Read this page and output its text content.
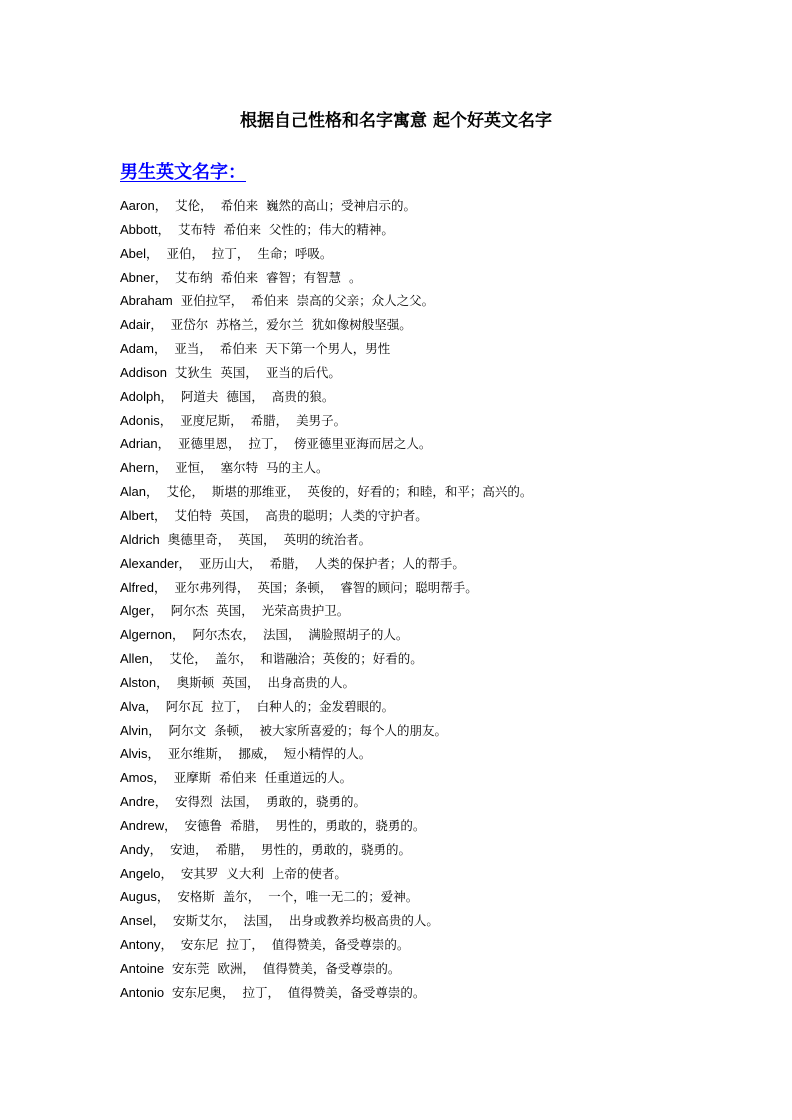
根据自己性格和名字寓意 起个好英文名字
男生英文名字：
Aaron，  艾伦，  希伯来  巍然的高山；受神启示的。
Abbott，  艾布特  希伯来  父性的；伟大的精神。
Abel，  亚伯，  拉丁，  生命；呼吸。
Abner，  艾布纳  希伯来  睿智；有智慧  。
Abraham  亚伯拉罕，  希伯来  崇高的父亲；众人之父。
Adair，  亚岱尔  苏格兰，爱尔兰  犹如像树般坚强。
Adam，  亚当，  希伯来  天下第一个男人，男性
Addison  艾狄生  英国，  亚当的后代。
Adolph，  阿道夫  德国，  高贵的狼。
Adonis，  亚度尼斯，  希腊，  美男子。
Adrian，  亚德里恩，  拉丁，  傍亚德里亚海而居之人。
Ahern，  亚恒，  塞尔特  马的主人。
Alan，  艾伦，  斯堪的那维亚，  英俊的，好看的；和睦，和平；高兴的。
Albert，  艾伯特  英国，  高贵的聪明；人类的守护者。
Aldrich  奥德里奇，  英国，  英明的统治者。
Alexander，  亚历山大，  希腊，  人类的保护者；人的帮手。
Alfred，  亚尔弗列得，  英国；条顿，  睿智的顾问；聪明帮手。
Alger，  阿尔杰  英国，  光荣高贵护卫。
Algernon，  阿尔杰农，  法国，  满脸照胡子的人。
Allen，  艾伦，  盖尔，  和谐融洽；英俊的；好看的。
Alston，  奥斯顿  英国，  出身高贵的人。
Alva，  阿尔瓦  拉丁，  白种人的；金发碧眼的。
Alvin，  阿尔文  条顿，  被大家所喜爱的；每个人的朋友。
Alvis，  亚尔维斯，  挪威，  短小精悍的人。
Amos，  亚摩斯  希伯来  任重道远的人。
Andre，  安得烈  法国，  勇敢的，骁勇的。
Andrew，  安德鲁  希腊，  男性的，勇敢的，骁勇的。
Andy，  安迪，  希腊，  男性的，勇敢的，骁勇的。
Angelo，  安其罗  义大利  上帝的使者。
Augus，  安格斯  盖尔，  一个，唯一无二的；爱神。
Ansel，  安斯艾尔，  法国，  出身或教养均极高贵的人。
Antony，  安东尼  拉丁，  值得赞美，备受尊崇的。
Antoine  安东莞  欧洲，  值得赞美，备受尊崇的。
Antonio  安东尼奥，  拉丁，  值得赞美，备受尊崇的。
